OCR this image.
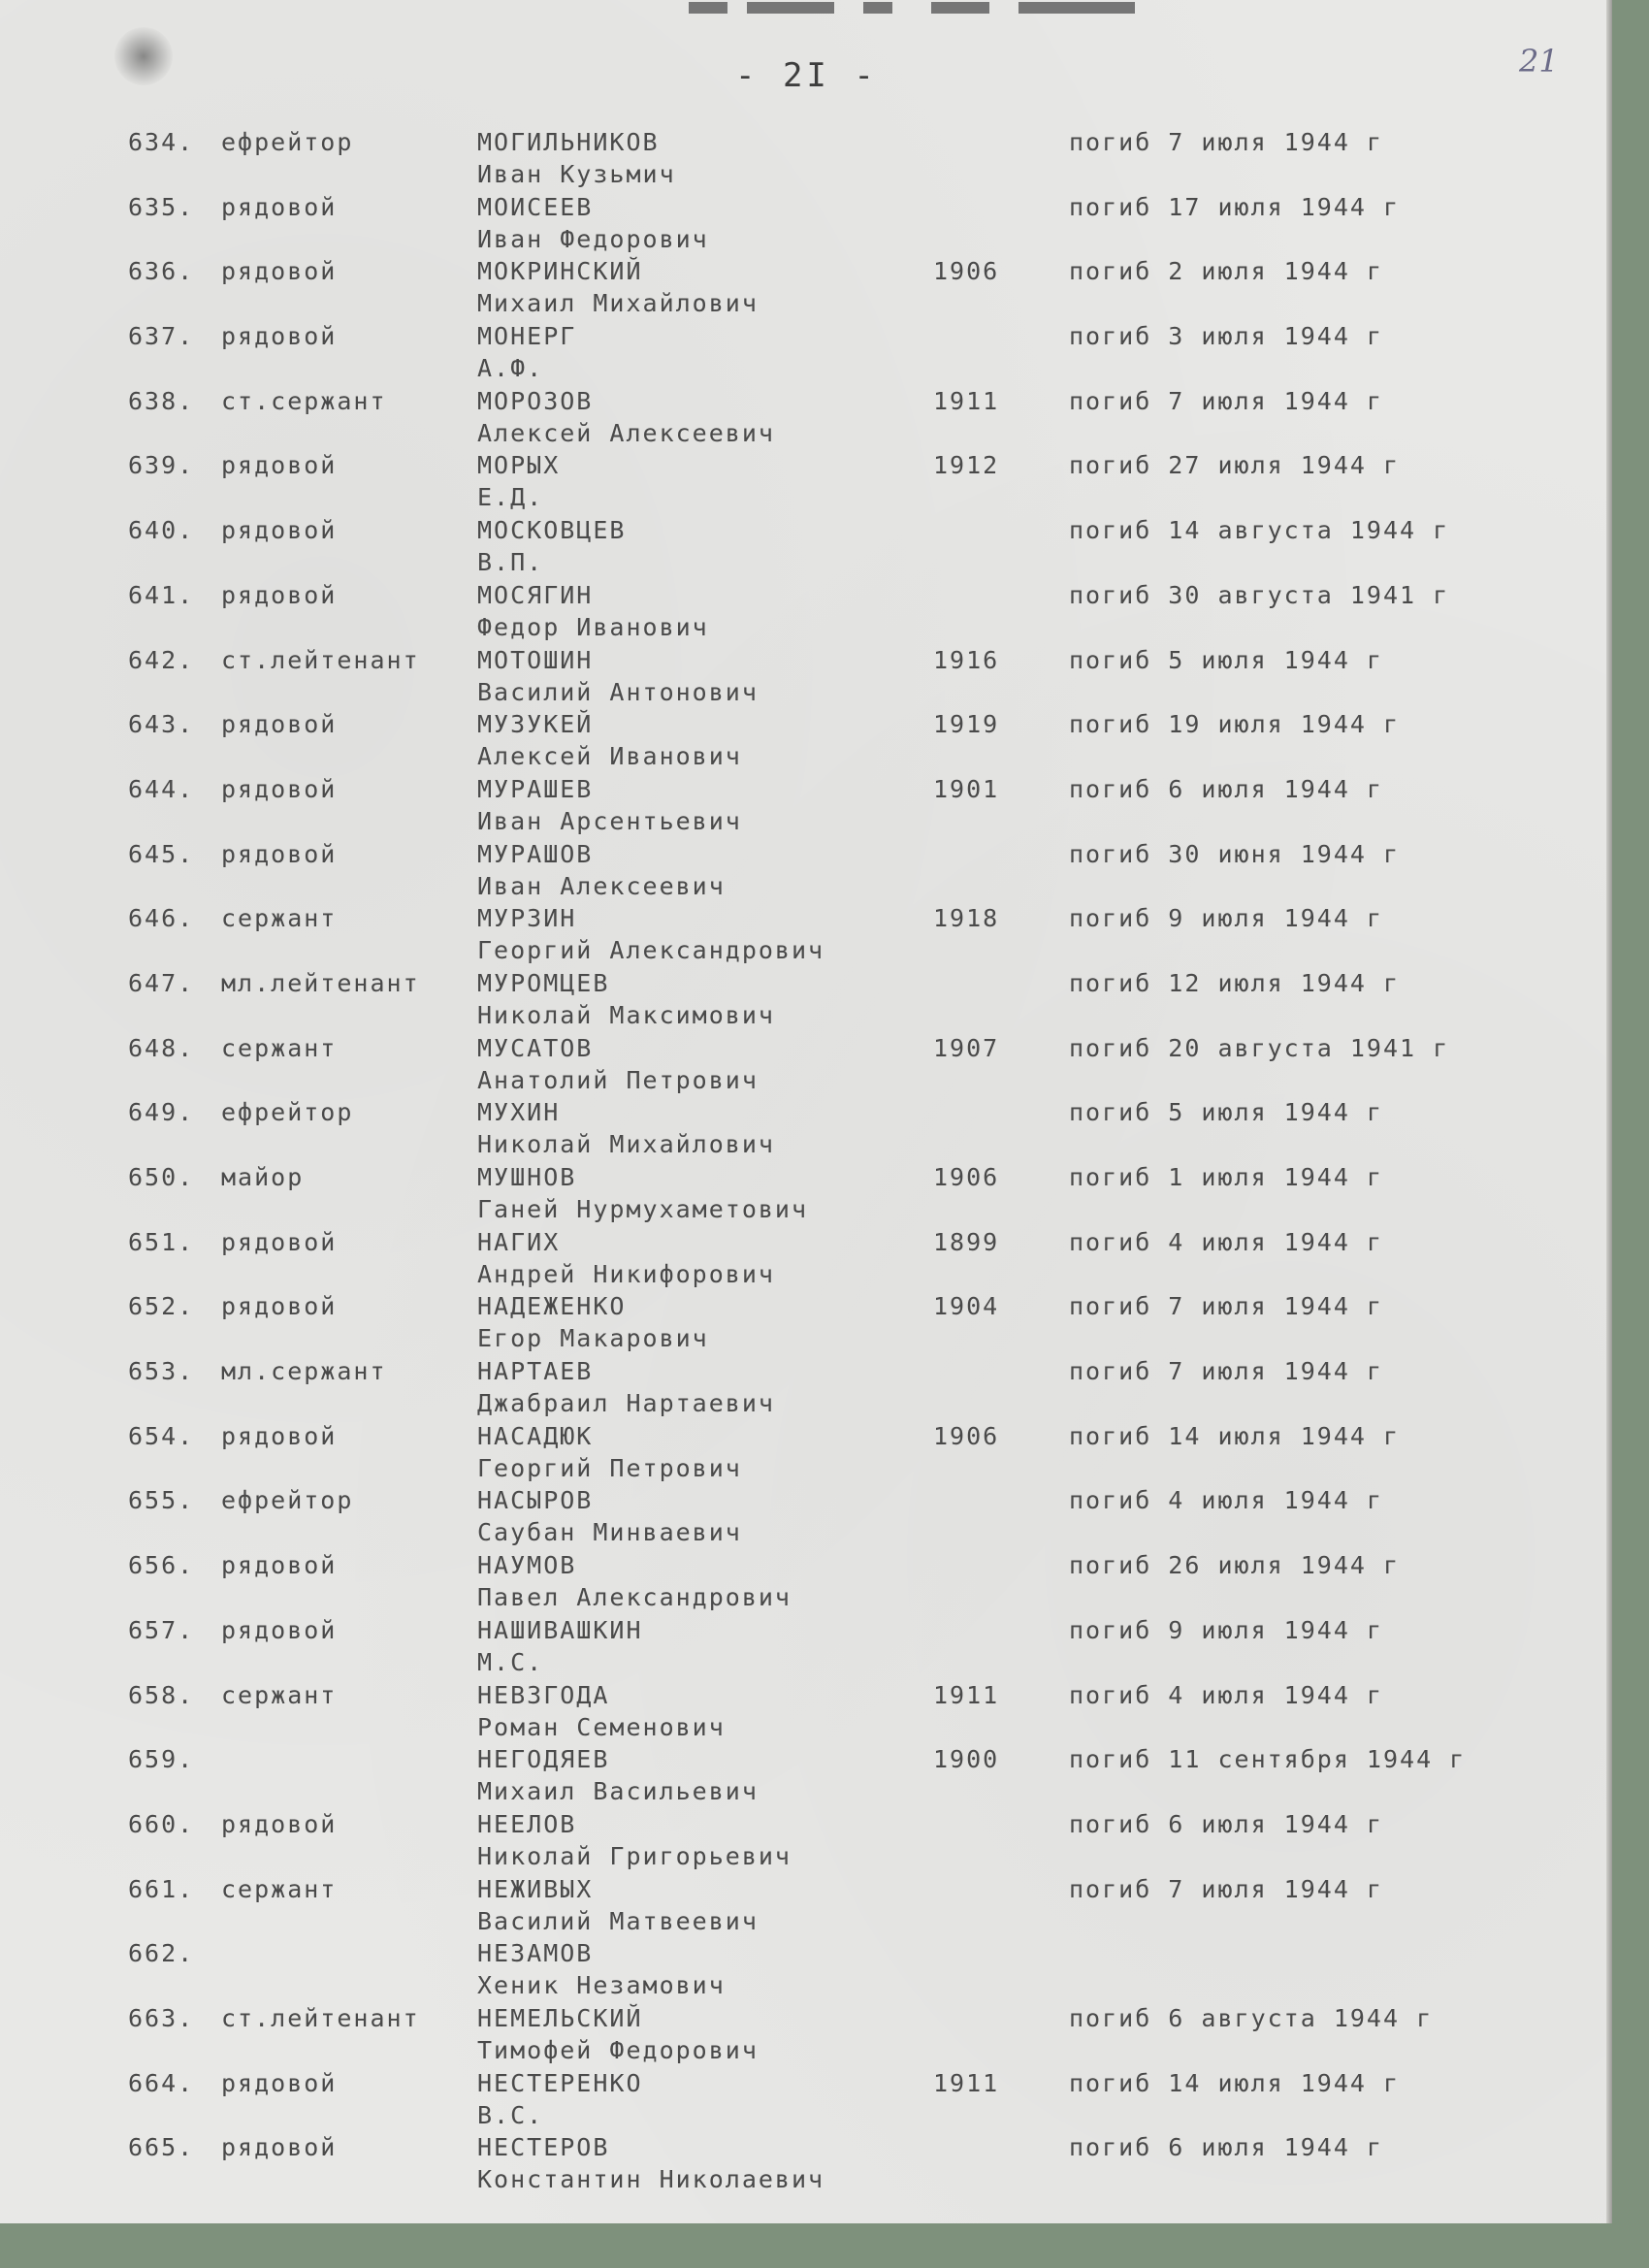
- 2I -	21
634. ефрейтор	МОГИЛЬНИКОВ	погиб 7 июля 1944 г
Иван Кузьмич
635. рядовой	МОИСЕЕВ	погиб 17 июля 1944 г
Иван Федорович
636. рядовой	МОКРИНСКИЙ	1906	погиб 2 июля 1944 г
Михаил Михайлович
637. рядовой	МОНЕРГ	погиб 3 июля 1944 г
А.Ф.
638. ст.сержант	МОРОЗОВ	1911	погиб 7 июля 1944 г
Алексей Алексеевич
639. рядовой	МОРЫХ	1912	погиб 27 июля 1944 г
Е.Д.
640. рядовой	МОСКОВЦЕВ	погиб 14 августа 1944 г
В.П.
641. рядовой	МОСЯГИН	погиб 30 августа 1941 г
Федор Иванович
642. ст.лейтенант МОТОШИН	1916	погиб 5 июля 1944 г
Василий Антонович
643. рядовой	МУЗУКЕЙ	1919	погиб 19 июля 1944 г
Алексей Иванович
644. рядовой	МУРАШЕВ	1901	погиб 6 июля 1944 г
Иван Арсентьевич
645. рядовой	МУРАШОВ	погиб 30 июня 1944 г
Иван Алексеевич
646. сержант	МУРЗИН	1918	погиб 9 июля 1944 г
Георгий Александрович
647. мл.лейтенант МУРОМЦЕВ	погиб 12 июля 1944 г
Николай Максимович
648. сержант	МУСАТОВ	1907	погиб 20 августа 1941 г
Анатолий Петрович
649. ефрейтор	МУХИН	погиб 5 июля 1944 г
Николай Михайлович
650. майор	МУШНОВ	1906	погиб 1 июля 1944 г
Ганей Нурмухаметович
651. рядовой	НАГИХ	1899	погиб 4 июля 1944 г
Андрей Никифорович
652. рядовой	НАДЕЖЕНКО	1904	погиб 7 июля 1944 г
Егор Макарович
653. мл.сержант	НАРТАЕВ	погиб 7 июля 1944 г
Джабраил Нартаевич
654. рядовой	НАСАДЮК	1906	погиб 14 июля 1944 г
Георгий Петрович
655. ефрейтор	НАСЫРОВ	погиб 4 июля 1944 г
Саубан Минваевич
656. рядовой	НАУМОВ	погиб 26 июля 1944 г
Павел Александрович
657. рядовой	НАШИВАШКИН	погиб 9 июля 1944 г
М.С.
658. сержант	НЕВЗГОДА	1911	погиб 4 июля 1944 г
Роман Семенович
659.	НЕГОДЯЕВ	1900	погиб 11 сентября 1944 г
Михаил Васильевич
660. рядовой	НЕЕЛОВ	погиб 6 июля 1944 г
Николай Григорьевич
661. сержант	НЕЖИВЫХ	погиб 7 июля 1944 г
Василий Матвеевич
662.	НЕЗАМОВ
Хеник Незамович
663. ст.лейтенант НЕМЕЛЬСКИЙ	погиб 6 августа 1944 г
Тимофей Федорович
664. рядовой	НЕСТЕРЕНКО	1911	погиб 14 июля 1944 г
В.С.
665. рядовой	НЕСТЕРОВ	погиб 6 июля 1944 г
Константин Николаевич
